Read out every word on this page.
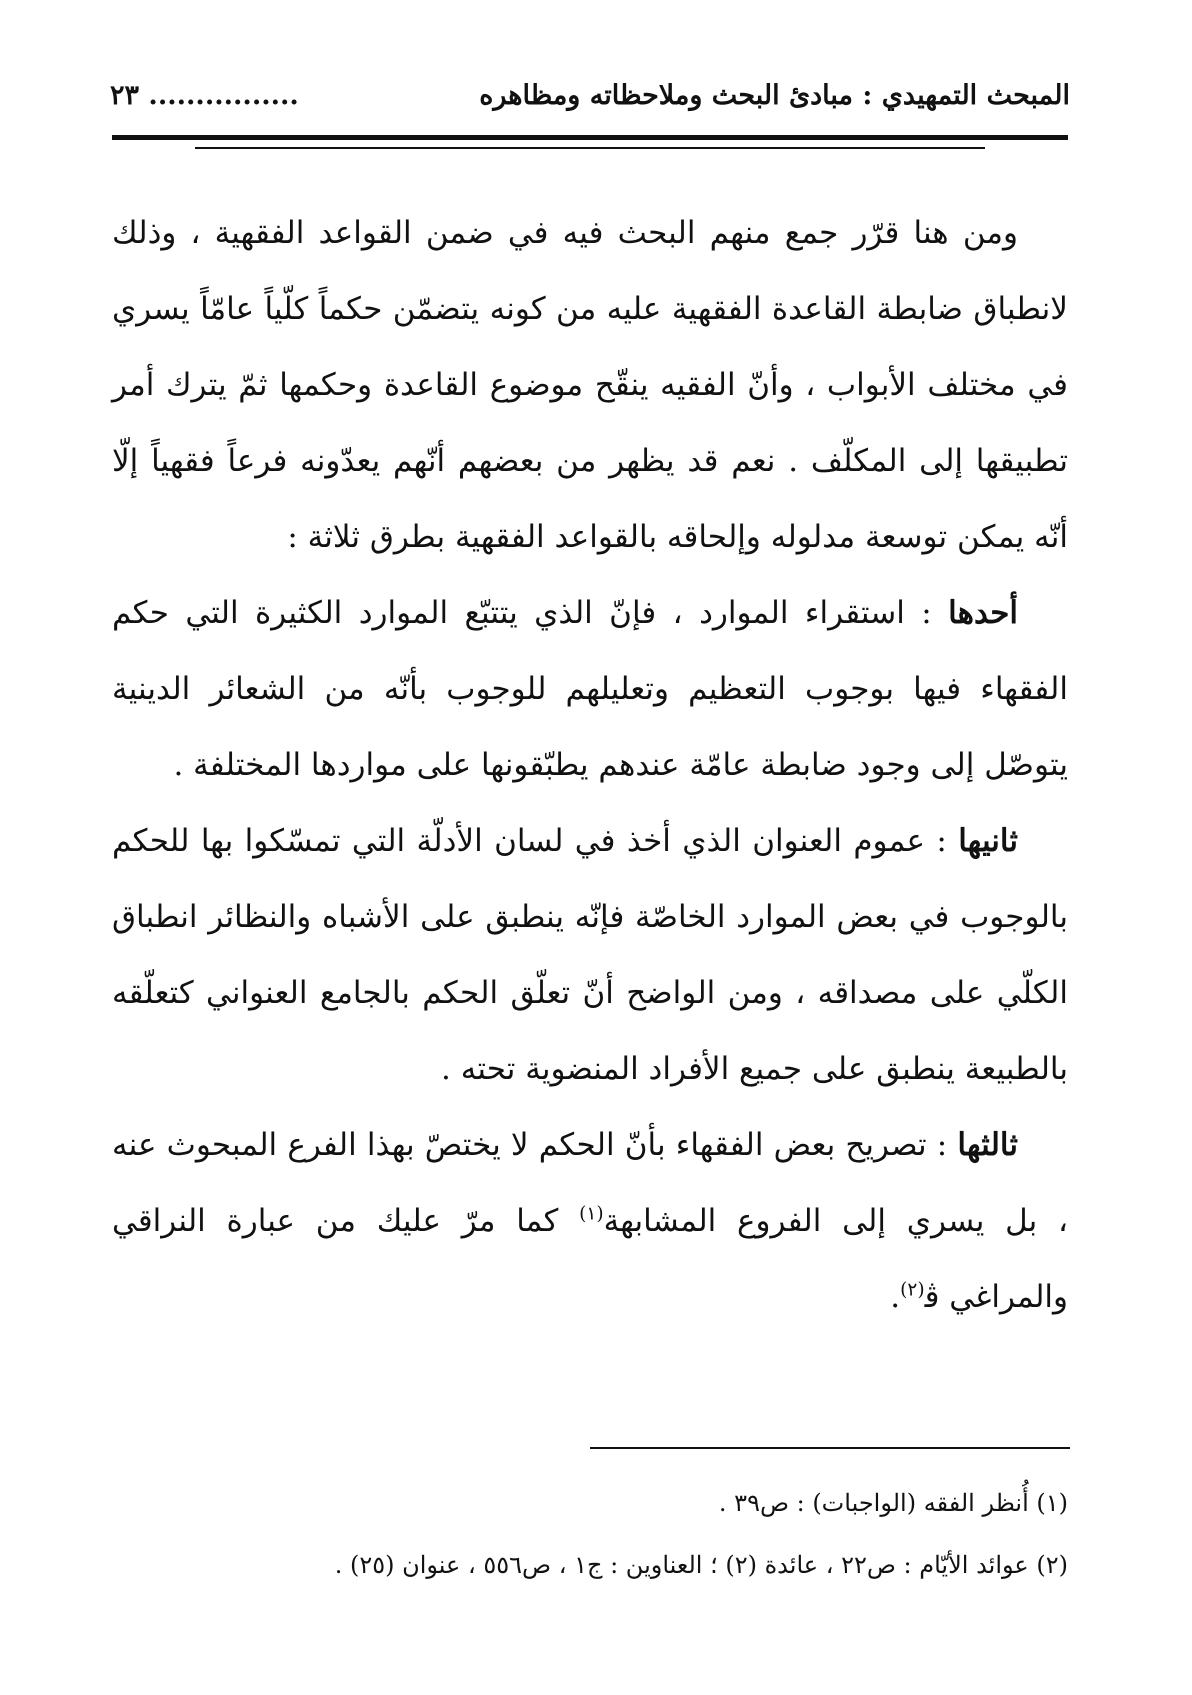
المبحث التمهيدي : مبادئ البحث وملاحظاته ومظاهره
................ ٢٣

ومن هنا قرّر جمع منهم البحث فيه في ضمن القواعد الفقهية ، وذلك لانطباق ضابطة القاعدة الفقهية عليه من كونه يتضمّن حكماً كلّياً عامّاً يسري في مختلف الأبواب ، وأنّ الفقيه ينقّح موضوع القاعدة وحكمها ثمّ يترك أمر تطبيقها إلى المكلّف . نعم قد يظهر من بعضهم أنّهم يعدّونه فرعاً فقهياً إلّا أنّه يمكن توسعة مدلوله وإلحاقه بالقواعد الفقهية بطرق ثلاثة :

أحدها : استقراء الموارد ، فإنّ الذي يتتبّع الموارد الكثيرة التي حكم الفقهاء فيها بوجوب التعظيم وتعليلهم للوجوب بأنّه من الشعائر الدينية يتوصّل إلى وجود ضابطة عامّة عندهم يطبّقونها على مواردها المختلفة .

ثانيها : عموم العنوان الذي أخذ في لسان الأدلّة التي تمسّكوا بها للحكم بالوجوب في بعض الموارد الخاصّة فإنّه ينطبق على الأشباه والنظائر انطباق الكلّي على مصداقه ، ومن الواضح أنّ تعلّق الحكم بالجامع العنواني كتعلّقه بالطبيعة ينطبق على جميع الأفراد المنضوية تحته .

ثالثها : تصريح بعض الفقهاء بأنّ الحكم لا يختصّ بهذا الفرع المبحوث عنه ، بل يسري إلى الفروع المشابهة$^{(١)}$ كما مرّ عليك من عبارة النراقي والمراغي ﭬ$^{(٢)}$.

(١) أُنظر الفقه (الواجبات) : ص٣٩ .

(٢) عوائد الأيّام : ص٢٢ ، عائدة (٢) ؛ العناوين : ج١ ، ص٥٥٦ ، عنوان (٢٥) .
